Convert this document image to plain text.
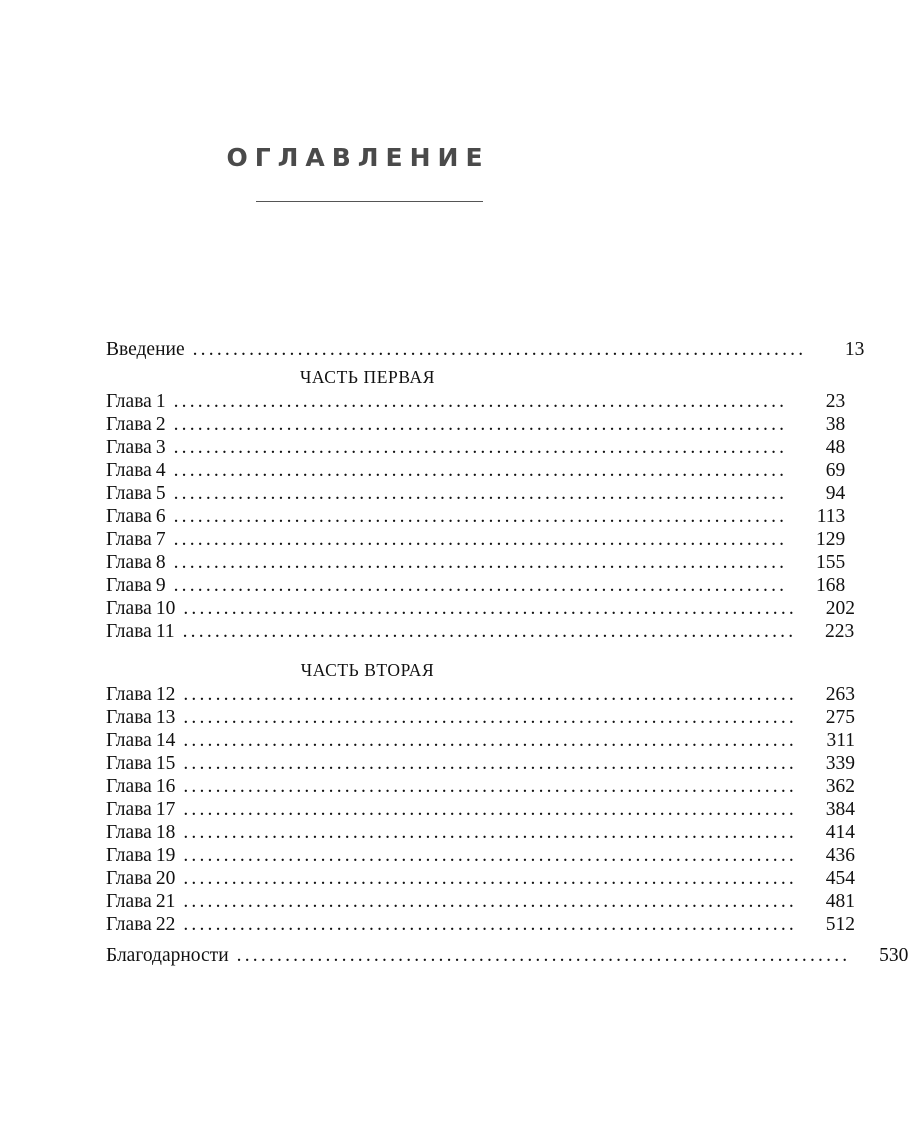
ОГЛАВЛЕНИЕ
Введение ............................................................................	13
ЧАСТЬ ПЕРВАЯ
Глава 1 ............................................................................	23
Глава 2 ............................................................................	38
Глава 3 ............................................................................	48
Глава 4 ............................................................................	69
Глава 5 ............................................................................	94
Глава 6 ............................................................................	113
Глава 7 ............................................................................	129
Глава 8 ............................................................................	155
Глава 9 ............................................................................	168
Глава 10 ............................................................................	202
Глава 11 ............................................................................	223
ЧАСТЬ ВТОРАЯ
Глава 12 ............................................................................	263
Глава 13 ............................................................................	275
Глава 14 ............................................................................	311
Глава 15 ............................................................................	339
Глава 16 ............................................................................	362
Глава 17 ............................................................................	384
Глава 18 ............................................................................	414
Глава 19 ............................................................................	436
Глава 20 ............................................................................	454
Глава 21 ............................................................................	481
Глава 22 ............................................................................	512
Благодарности ............................................................................	530
